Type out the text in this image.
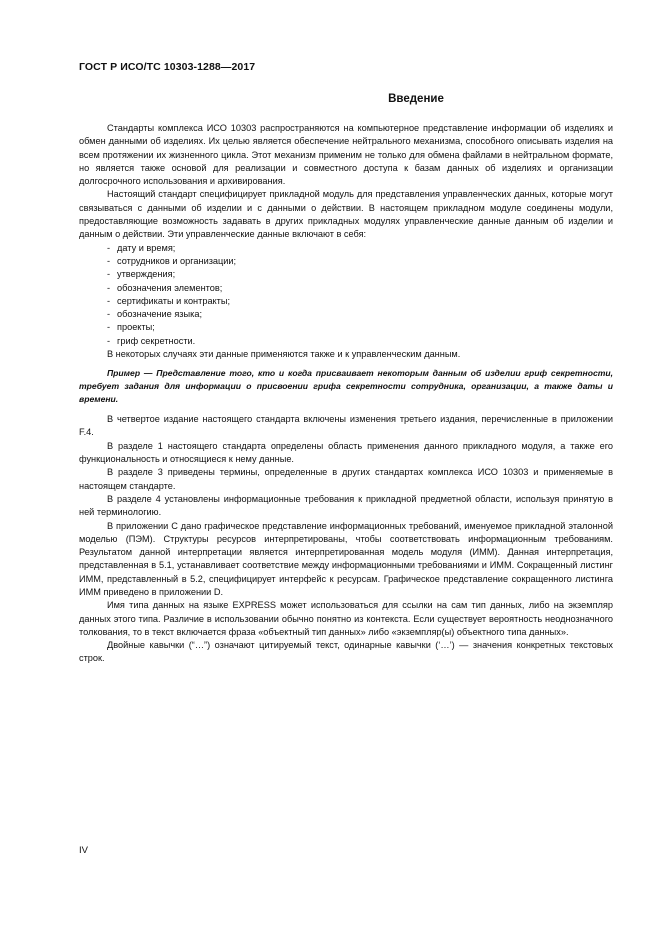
ГОСТ Р ИСО/ТС 10303-1288—2017
Введение

Стандарты комплекса ИСО 10303 распространяются на компьютерное представление информации об изделиях и обмен данными об изделиях. Их целью является обеспечение нейтрального механизма, способного описывать изделия на всем протяжении их жизненного цикла. Этот механизм применим не только для обмена файлами в нейтральном формате, но является также основой для реализации и совместного доступа к базам данных об изделиях и организации долгосрочного использования и архивирования.

Настоящий стандарт специфицирует прикладной модуль для представления управленческих данных, которые могут связываться с данными об изделии и с данными о действии. В настоящем прикладном модуле соединены модули, предоставляющие возможность задавать в других прикладных модулях управленческие данные данным об изделии и данным о действии. Эти управленческие данные включают в себя:

- дату и время;
- сотрудников и организации;
- утверждения;
- обозначения элементов;
- сертификаты и контракты;
- обозначение языка;
- проекты;
- гриф секретности.

В некоторых случаях эти данные применяются также и к управленческим данным.

Пример — Представление того, кто и когда присваивает некоторым данным об изделии гриф секретности, требует задания для информации о присвоении грифа секретности сотрудника, организации, а также даты и времени.

В четвертое издание настоящего стандарта включены изменения третьего издания, перечисленные в приложении F.4.

В разделе 1 настоящего стандарта определены область применения данного прикладного модуля, а также его функциональность и относящиеся к нему данные.

В разделе 3 приведены термины, определенные в других стандартах комплекса ИСО 10303 и применяемые в настоящем стандарте.

В разделе 4 установлены информационные требования к прикладной предметной области, используя принятую в ней терминологию.

В приложении С дано графическое представление информационных требований, именуемое прикладной эталонной моделью (ПЭМ). Структуры ресурсов интерпретированы, чтобы соответствовать информационным требованиям. Результатом данной интерпретации является интерпретированная модель модуля (ИММ). Данная интерпретация, представленная в 5.1, устанавливает соответствие между информационными требованиями и ИММ. Сокращенный листинг ИММ, представленный в 5.2, специфицирует интерфейс к ресурсам. Графическое представление сокращенного листинга ИММ приведено в приложении D.

Имя типа данных на языке EXPRESS может использоваться для ссылки на сам тип данных, либо на экземпляр данных этого типа. Различие в использовании обычно понятно из контекста. Если существует вероятность неоднозначного толкования, то в текст включается фраза «объектный тип данных» либо «экземпляр(ы) объектного типа данных».

Двойные кавычки (“…”) означают цитируемый текст, одинарные кавычки (‘…’) — значения конкретных текстовых строк.

IV
